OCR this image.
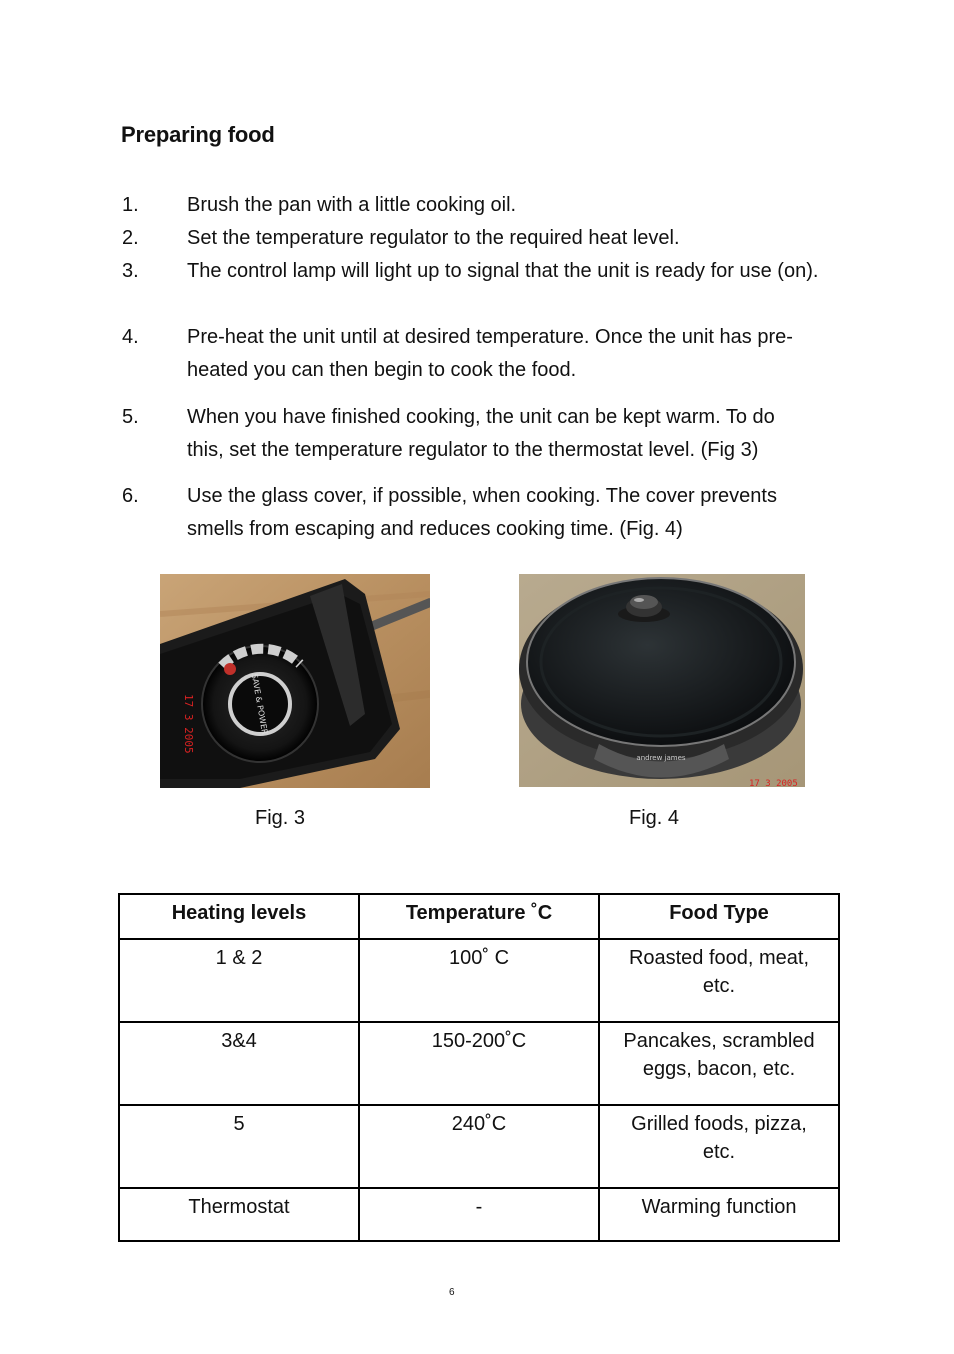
Preparing food
1.	Brush the pan with a little cooking oil.
2.	Set the temperature regulator to the required heat level.
3.	The control lamp will light up to signal that the unit is ready for use (on).
4.	Pre-heat the unit until at desired temperature. Once the unit has pre-heated you can then begin to cook the food.
5.	When you have finished cooking, the unit can be kept warm. To do this, set the temperature regulator to the thermostat level. (Fig 3)
6.	Use the glass cover, if possible, when cooking. The cover prevents smells from escaping and reduces cooking time. (Fig. 4)
SAVE & POWER
17 3 2005
andrew james
17 3 2005
Fig. 3	Fig. 4
Heating levels	Temperature ˚C	Food Type
1 & 2	100˚ C	Roasted food, meat, etc.
3&4	150-200˚C	Pancakes, scrambled eggs, bacon, etc.
5	240˚C	Grilled foods, pizza, etc.
Thermostat	-	Warming function
6
